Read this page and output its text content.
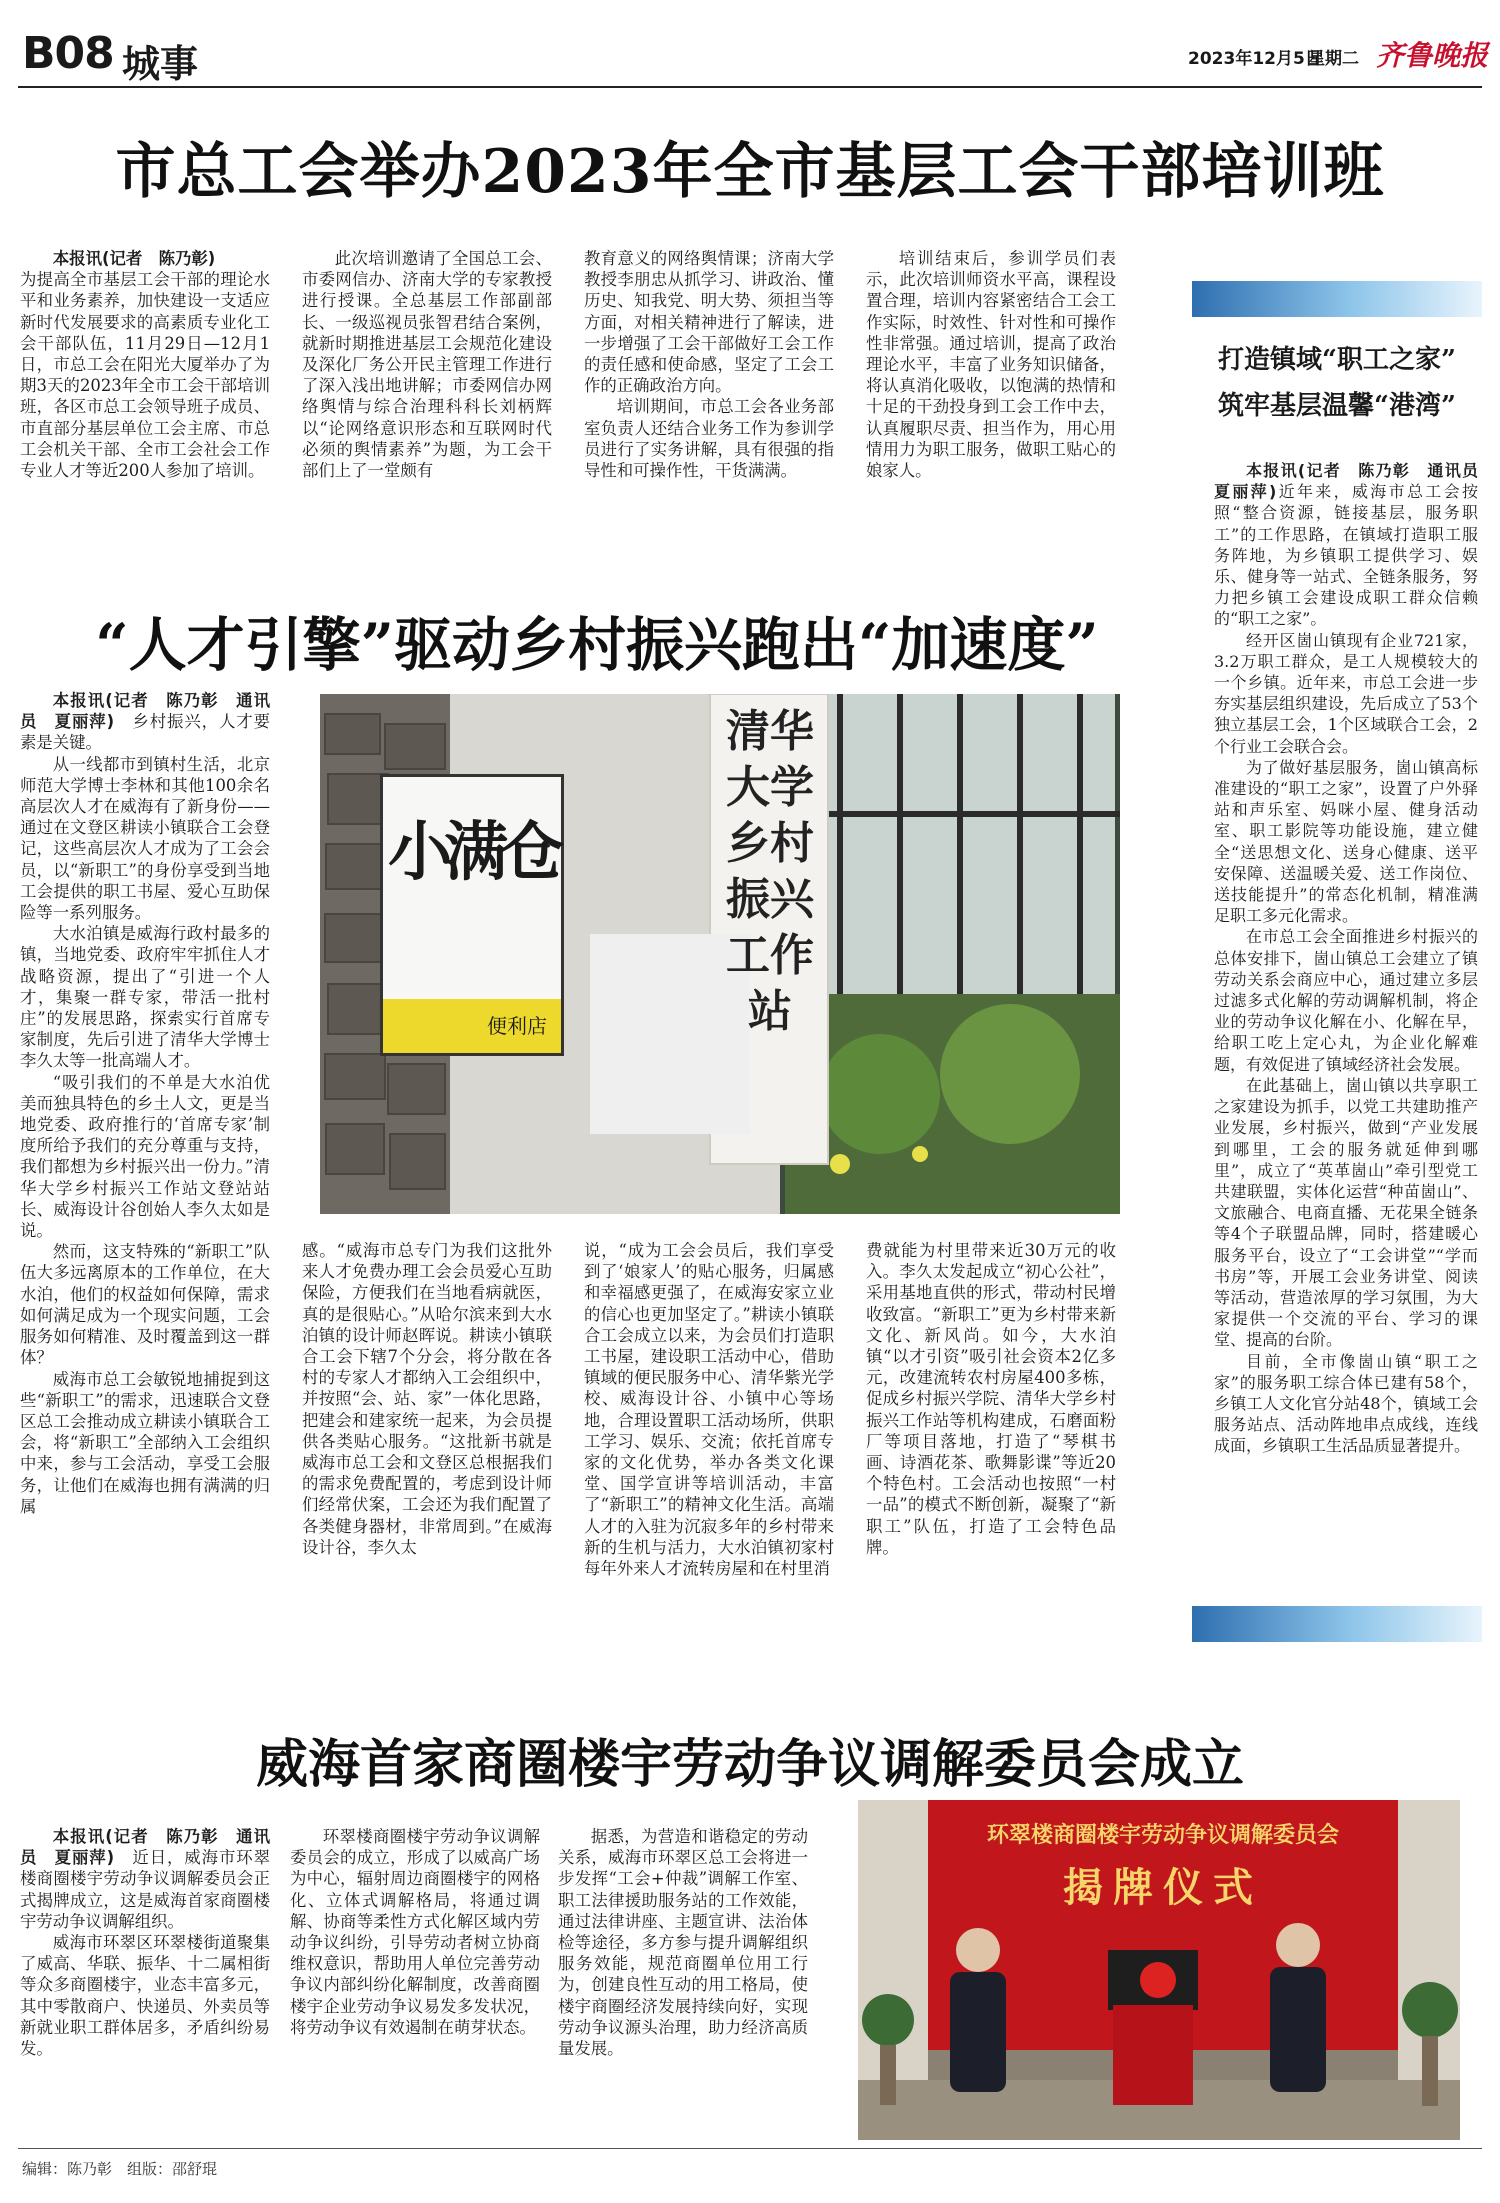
B08 城事	2023年12月5日
星期二 齐鲁晚报
市总工会举办2023年全市基层工会干部培训班

本报讯(记者　陈乃彰)

为提高全市基层工会干部的理论水平和业务素养，加快建设一支适应新时代发展要求的高素质专业化工会干部队伍，11月29日—12月1日，市总工会在阳光大厦举办了为期3天的2023年全市工会干部培训班，各区市总工会领导班子成员、市直部分基层单位工会主席、市总工会机关干部、全市工会社会工作专业人才等近200人参加了培训。

此次培训邀请了全国总工会、市委网信办、济南大学的专家教授进行授课。全总基层工作部副部长、一级巡视员张智君结合案例，就新时期推进基层工会规范化建设及深化厂务公开民主管理工作进行了深入浅出地讲解；市委网信办网络舆情与综合治理科科长刘柄辉以“论网络意识形态和互联网时代必须的舆情素养”为题，为工会干部们上了一堂颇有

教育意义的网络舆情课；济南大学教授李朋忠从抓学习、讲政治、懂历史、知我党、明大势、须担当等方面，对相关精神进行了解读，进一步增强了工会干部做好工会工作的责任感和使命感，坚定了工会工作的正确政治方向。

培训期间，市总工会各业务部室负责人还结合业务工作为参训学员进行了实务讲解，具有很强的指导性和可操作性，干货满满。

培训结束后，参训学员们表示，此次培训师资水平高，课程设置合理，培训内容紧密结合工会工作实际，时效性、针对性和可操作性非常强。通过培训，提高了政治理论水平，丰富了业务知识储备，将认真消化吸收，以饱满的热情和十足的干劲投身到工会工作中去，认真履职尽责、担当作为，用心用情用力为职工服务，做职工贴心的娘家人。

打造镇域“职工之家”
筑牢基层温馨“港湾”

本报讯(记者　陈乃彰　通讯员　夏丽萍)近年来，威海市总工会按照“整合资源，链接基层，服务职工”的工作思路，在镇域打造职工服务阵地，为乡镇职工提供学习、娱乐、健身等一站式、全链条服务，努力把乡镇工会建设成职工群众信赖的“职工之家”。

经开区崮山镇现有企业721家，3.2万职工群众，是工人规模较大的一个乡镇。近年来，市总工会进一步夯实基层组织建设，先后成立了53个独立基层工会，1个区域联合工会，2个行业工会联合会。

为了做好基层服务，崮山镇高标准建设的“职工之家”，设置了户外驿站和声乐室、妈咪小屋、健身活动室、职工影院等功能设施，建立健全“送思想文化、送身心健康、送平安保障、送温暖关爱、送工作岗位、送技能提升”的常态化机制，精准满足职工多元化需求。

在市总工会全面推进乡村振兴的总体安排下，崮山镇总工会建立了镇劳动关系会商应中心，通过建立多层过滤多式化解的劳动调解机制，将企业的劳动争议化解在小、化解在早，给职工吃上定心丸，为企业化解难题，有效促进了镇域经济社会发展。

在此基础上，崮山镇以共享职工之家建设为抓手，以党工共建助推产业发展，乡村振兴，做到“产业发展到哪里，工会的服务就延伸到哪里”，成立了“英革崮山”牵引型党工共建联盟，实体化运营“种苗崮山”、文旅融合、电商直播、无花果全链条等4个子联盟品牌，同时，搭建暖心服务平台，设立了“工会讲堂”“学而书房”等，开展工会业务讲堂、阅读等活动，营造浓厚的学习氛围，为大家提供一个交流的平台、学习的课堂、提高的台阶。

目前，全市像崮山镇“职工之家”的服务职工综合体已建有58个，乡镇工人文化官分站48个，镇域工会服务站点、活动阵地串点成线，连线成面，乡镇职工生活品质显著提升。

“人才引擎”驱动乡村振兴跑出“加速度”

本报讯(记者　陈乃彰　通讯员　夏丽萍)　 乡村振兴，人才要素是关键。

从一线都市到镇村生活，北京师范大学博士李林和其他100余名高层次人才在威海有了新身份——通过在文登区耕读小镇联合工会登记，这些高层次人才成为了工会会员，以“新职工”的身份享受到当地工会提供的职工书屋、爱心互助保险等一系列服务。

大水泊镇是威海行政村最多的镇，当地党委、政府牢牢抓住人才战略资源，提出了“引进一个人才，集聚一群专家，带活一批村庄”的发展思路，探索实行首席专家制度，先后引进了清华大学博士李久太等一批高端人才。

“吸引我们的不单是大水泊优美而独具特色的乡土人文，更是当地党委、政府推行的‘首席专家’制度所给予我们的充分尊重与支持，我们都想为乡村振兴出一份力。”清华大学乡村振兴工作站文登站站长、威海设计谷创始人李久太如是说。

然而，这支特殊的“新职工”队伍大多远离原本的工作单位，在大水泊，他们的权益如何保障，需求如何满足成为一个现实问题，工会服务如何精准、及时覆盖到这一群体？

威海市总工会敏锐地捕捉到这些“新职工”的需求，迅速联合文登区总工会推动成立耕读小镇联合工会，将“新职工”全部纳入工会组织中来，参与工会活动，享受工会服务，让他们在威海也拥有满满的归属

小满仓
便利店
清华大学乡村振兴工作站

感。“威海市总专门为我们这批外来人才免费办理工会会员爱心互助保险，方便我们在当地看病就医，真的是很贴心。”从哈尔滨来到大水泊镇的设计师赵晖说。耕读小镇联合工会下辖7个分会，将分散在各村的专家人才都纳入工会组织中，并按照“会、站、家”一体化思路，把建会和建家统一起来，为会员提供各类贴心服务。“这批新书就是威海市总工会和文登区总根据我们的需求免费配置的，考虑到设计师们经常伏案，工会还为我们配置了各类健身器材，非常周到。”在威海设计谷，李久太

说，“成为工会会员后，我们享受到了‘娘家人’的贴心服务，归属感和幸福感更强了，在威海安家立业的信心也更加坚定了。”耕读小镇联合工会成立以来，为会员们打造职工书屋，建设职工活动中心，借助镇域的便民服务中心、清华紫光学校、威海设计谷、小镇中心等场地，合理设置职工活动场所，供职工学习、娱乐、交流；依托首席专家的文化优势，举办各类文化课堂、国学宣讲等培训活动，丰富了“新职工”的精神文化生活。高端人才的入驻为沉寂多年的乡村带来新的生机与活力，大水泊镇初家村每年外来人才流转房屋和在村里消

费就能为村里带来近30万元的收入。李久太发起成立“初心公社”，采用基地直供的形式，带动村民增收致富。“新职工”更为乡村带来新文化、新风尚。如今，大水泊镇“以才引资”吸引社会资本2亿多元，改建流转农村房屋400多栋，促成乡村振兴学院、清华大学乡村振兴工作站等机构建成，石磨面粉厂等项目落地，打造了“琴棋书画、诗酒花茶、歌舞影谍”等近20个特色村。工会活动也按照“一村一品”的模式不断创新，凝聚了“新职工”队伍，打造了工会特色品牌。

威海首家商圈楼宇劳动争议调解委员会成立

本报讯(记者　陈乃彰　通讯员　夏丽萍)　 近日，威海市环翠楼商圈楼宇劳动争议调解委员会正式揭牌成立，这是威海首家商圈楼宇劳动争议调解组织。

威海市环翠区环翠楼街道聚集了威高、华联、振华、十二属相街等众多商圈楼宇，业态丰富多元，其中零散商户、快递员、外卖员等新就业职工群体居多，矛盾纠纷易发。

环翠楼商圈楼宇劳动争议调解委员会的成立，形成了以威高广场为中心，辐射周边商圈楼宇的网格化、立体式调解格局，将通过调解、协商等柔性方式化解区域内劳动争议纠纷，引导劳动者树立协商维权意识，帮助用人单位完善劳动争议内部纠纷化解制度，改善商圈楼宇企业劳动争议易发多发状况，将劳动争议有效遏制在萌芽状态。

据悉，为营造和谐稳定的劳动关系，威海市环翠区总工会将进一步发挥“工会+仲裁”调解工作室、职工法律援助服务站的工作效能，通过法律讲座、主题宣讲、法治体检等途径，多方参与提升调解组织服务效能，规范商圈单位用工行为，创建良性互动的用工格局，使楼宇商圈经济发展持续向好，实现劳动争议源头治理，助力经济高质量发展。

环翠楼商圈楼宇劳动争议调解委员会
揭牌仪式
编辑：陈乃彰　组版：邵舒琨
